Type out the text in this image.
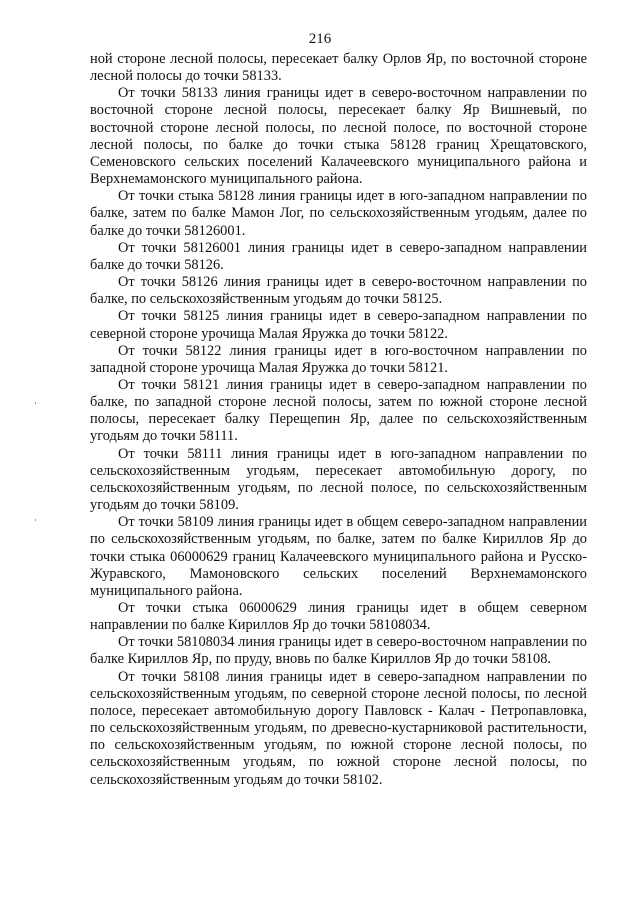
216

ной стороне лесной полосы, пересекает балку Орлов Яр, по восточной стороне лесной полосы до точки 58133.

От точки 58133 линия границы идет в северо-восточном направлении по восточной стороне лесной полосы, пересекает балку Яр Вишневый, по восточной стороне лесной полосы, по лесной полосе, по восточной стороне лесной полосы, по балке до точки стыка 58128 границ Хрещатовского, Семеновского сельских поселений Калачеевского муниципального района и Верхнемамонского муниципального района.

От точки стыка 58128 линия границы идет в юго-западном направлении по балке, затем по балке Мамон Лог, по сельскохозяйственным угодьям, далее по балке до точки 58126001.

От точки 58126001 линия границы идет в северо-западном направлении балке до точки 58126.

От точки 58126 линия границы идет в северо-восточном направлении по балке, по сельскохозяйственным угодьям до точки 58125.

От точки 58125 линия границы идет в северо-западном направлении по северной стороне урочища Малая Яружка до точки 58122.

От точки 58122 линия границы идет в юго-восточном направлении по западной стороне урочища Малая Яружка до точки 58121.

От точки 58121 линия границы идет в северо-западном направлении по балке, по западной стороне лесной полосы, затем по южной стороне лесной полосы, пересекает балку Перещепин Яр, далее по сельскохозяйственным угодьям до точки 58111.

От точки 58111 линия границы идет в юго-западном направлении по сельскохозяйственным угодьям, пересекает автомобильную дорогу, по сельскохозяйственным угодьям, по лесной полосе, по сельскохозяйственным угодьям до точки 58109.

От точки 58109 линия границы идет в общем северо-западном направлении по сельскохозяйственным угодьям, по балке, затем по балке Кириллов Яр до точки стыка 06000629 границ Калачеевского муниципального района и Русско-Журавского, Мамоновского сельских поселений Верхнемамонского муниципального района.

От точки стыка 06000629 линия границы идет в общем северном направлении по балке Кириллов Яр до точки 58108034.

От точки 58108034 линия границы идет в северо-восточном направлении по балке Кириллов Яр, по пруду, вновь по балке Кириллов Яр до точки 58108.

От точки 58108 линия границы идет в северо-западном направлении по сельскохозяйственным угодьям, по северной стороне лесной полосы, по лесной полосе, пересекает автомобильную дорогу Павловск - Калач - Петропавловка, по сельскохозяйственным угодьям, по древесно-кустарниковой растительности, по сельскохозяйственным угодьям, по южной стороне лесной полосы, по сельскохозяйственным угодьям, по южной стороне лесной полосы, по сельскохозяйственным угодьям до точки 58102.
